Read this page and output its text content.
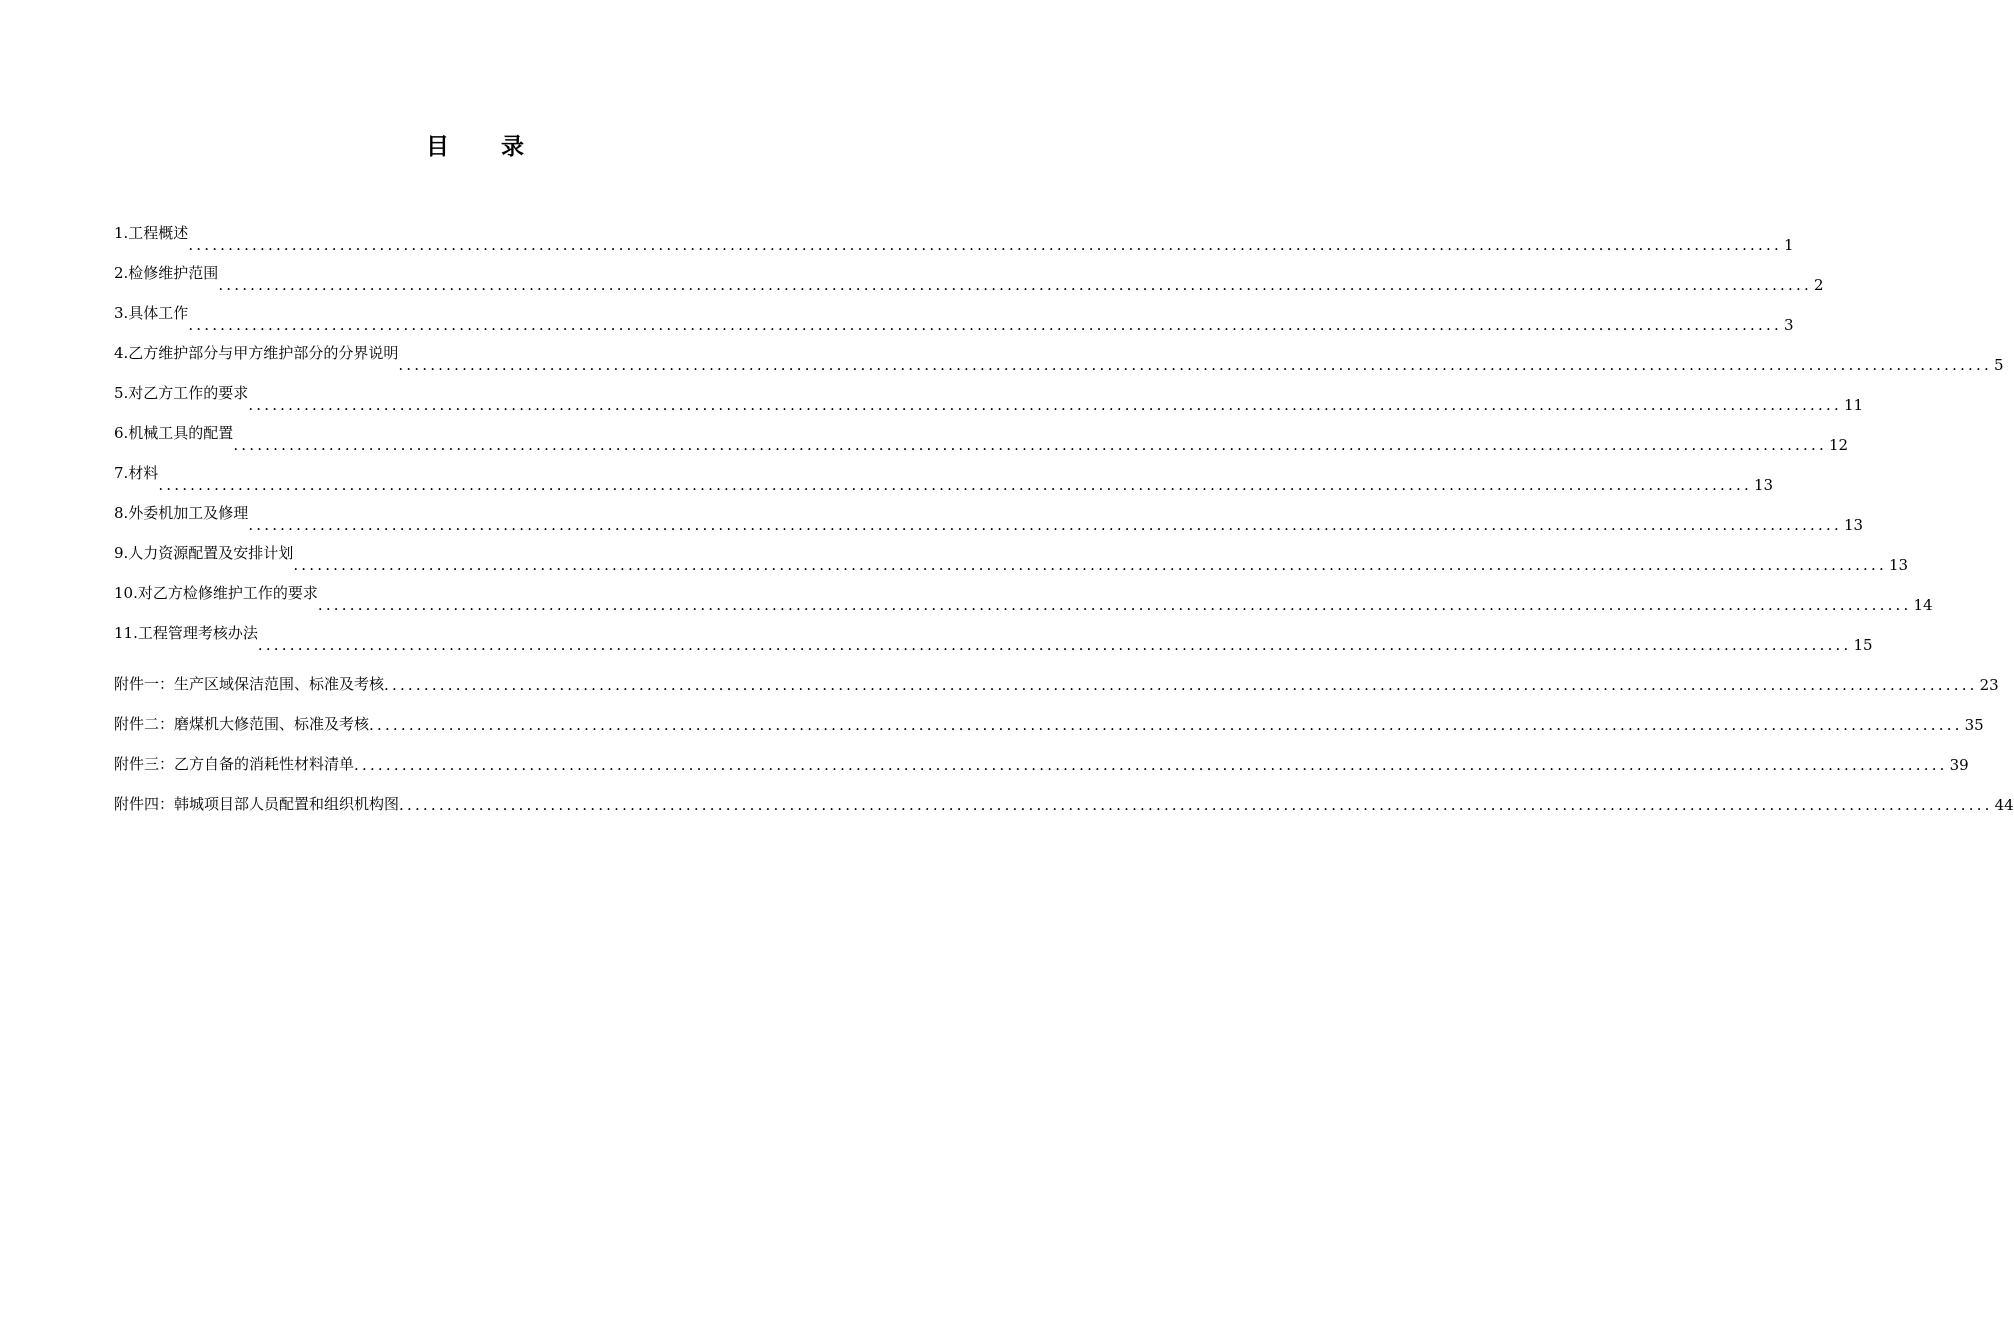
目 录
........................................................................................................................................................................................................ 1
1.工程概述
........................................................................................................................................................................................................ 2
2.检修维护范围
........................................................................................................................................................................................................ 3
3.具体工作
........................................................................................................................................................................................................ 5
4.乙方维护部分与甲方维护部分的分界说明
........................................................................................................................................................................................................ 11
5.对乙方工作的要求
........................................................................................................................................................................................................ 12
6.机械工具的配置
........................................................................................................................................................................................................ 13
7.材料
........................................................................................................................................................................................................ 13
8.外委机加工及修理
........................................................................................................................................................................................................ 13
9.人力资源配置及安排计划
........................................................................................................................................................................................................ 14
10.对乙方检修维护工作的要求
........................................................................................................................................................................................................ 15
11.工程管理考核办法
附件一：生产区域保洁范围、标准及考核 ........................................................................................................................................................................................................ 23
附件二：磨煤机大修范围、标准及考核 ........................................................................................................................................................................................................ 35
附件三：乙方自备的消耗性材料清单 ........................................................................................................................................................................................................ 39
附件四：韩城项目部人员配置和组织机构图 ........................................................................................................................................................................................................ 44
